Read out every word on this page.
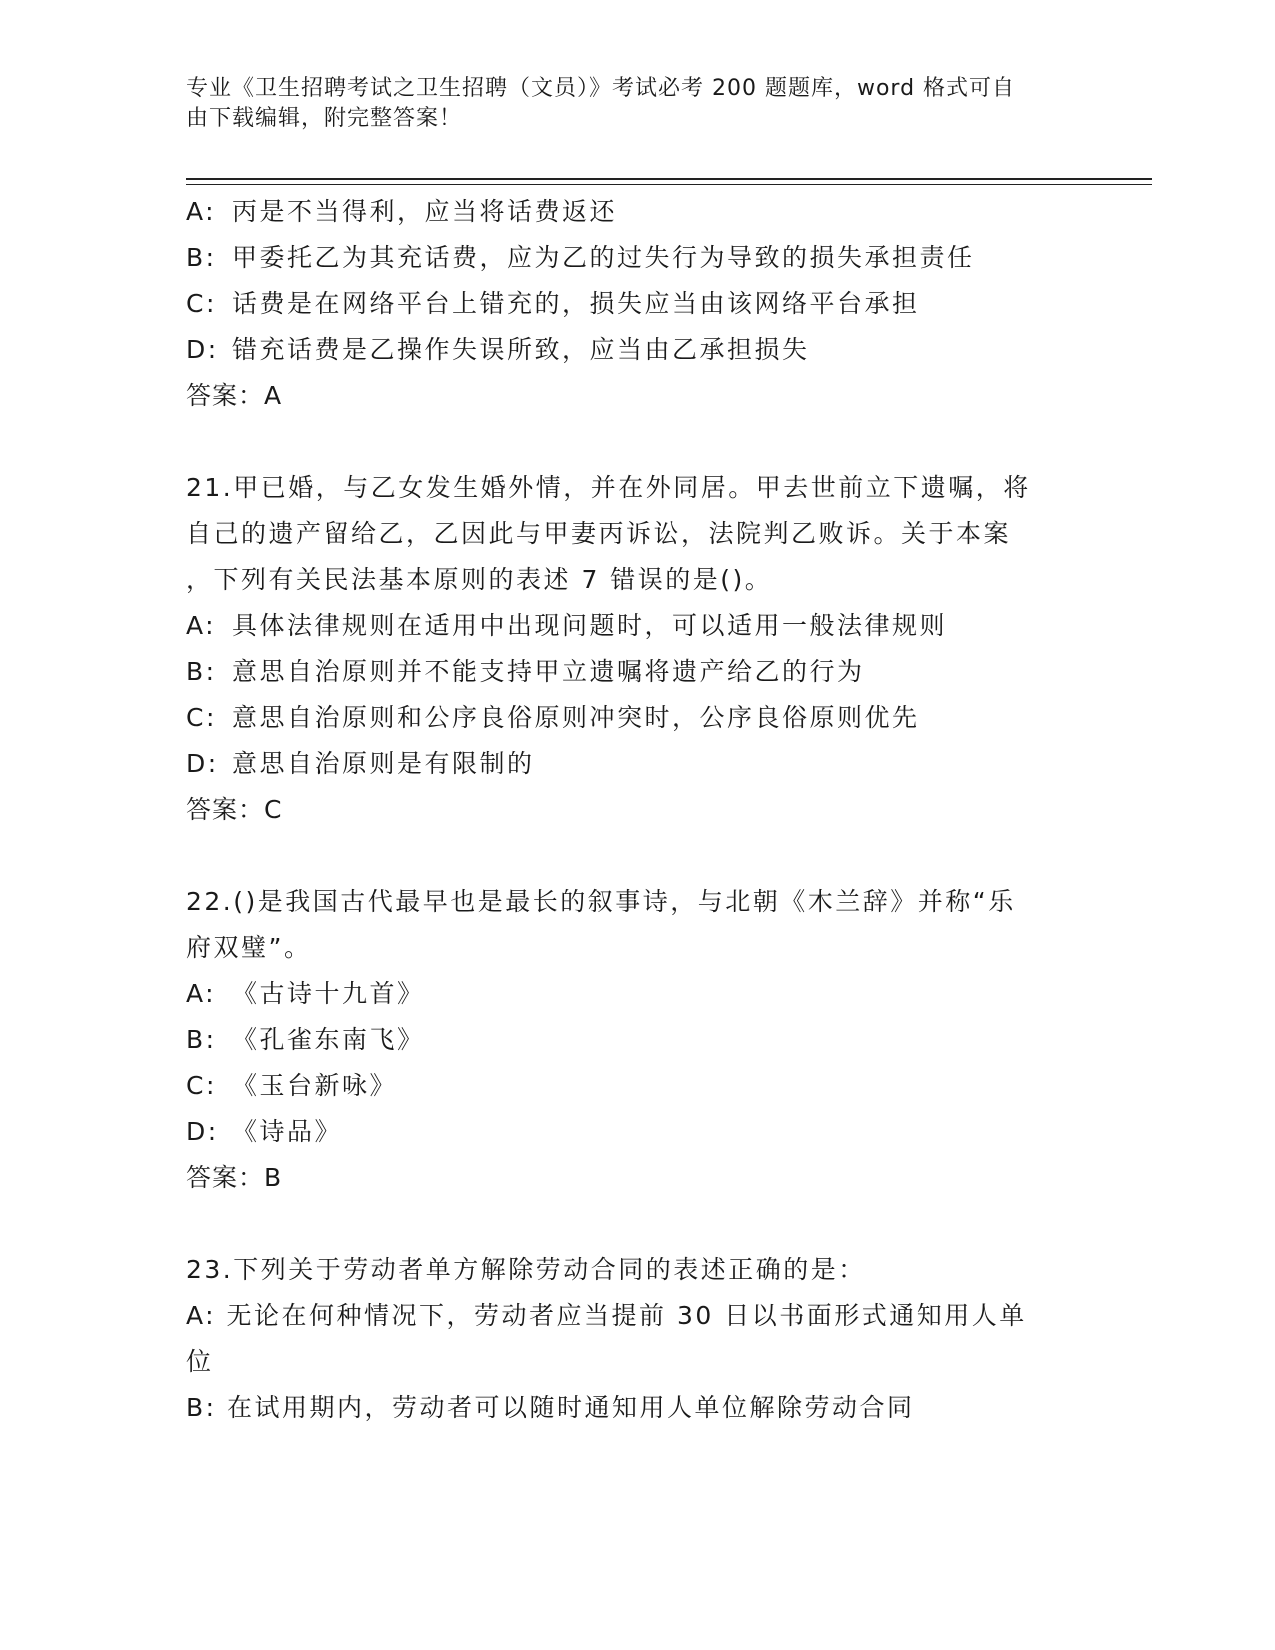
专业《卫生招聘考试之卫生招聘（文员）》考试必考 200 题题库，word 格式可自
由下载编辑，附完整答案！
A: 丙是不当得利，应当将话费返还
B: 甲委托乙为其充话费，应为乙的过失行为导致的损失承担责任
C: 话费是在网络平台上错充的，损失应当由该网络平台承担
D: 错充话费是乙操作失误所致，应当由乙承担损失
答案：A
21.甲已婚，与乙女发生婚外情，并在外同居。甲去世前立下遗嘱，将
自己的遗产留给乙，乙因此与甲妻丙诉讼，法院判乙败诉。关于本案
，下列有关民法基本原则的表述 7 错误的是()。
A: 具体法律规则在适用中出现问题时，可以适用一般法律规则
B: 意思自治原则并不能支持甲立遗嘱将遗产给乙的行为
C: 意思自治原则和公序良俗原则冲突时，公序良俗原则优先
D: 意思自治原则是有限制的
答案：C
22.()是我国古代最早也是最长的叙事诗，与北朝《木兰辞》并称“乐
府双璧”。
A: 《古诗十九首》
B: 《孔雀东南飞》
C: 《玉台新咏》
D: 《诗品》
答案：B
23.下列关于劳动者单方解除劳动合同的表述正确的是：
A: 无论在何种情况下，劳动者应当提前 30 日以书面形式通知用人单
位
B: 在试用期内，劳动者可以随时通知用人单位解除劳动合同
